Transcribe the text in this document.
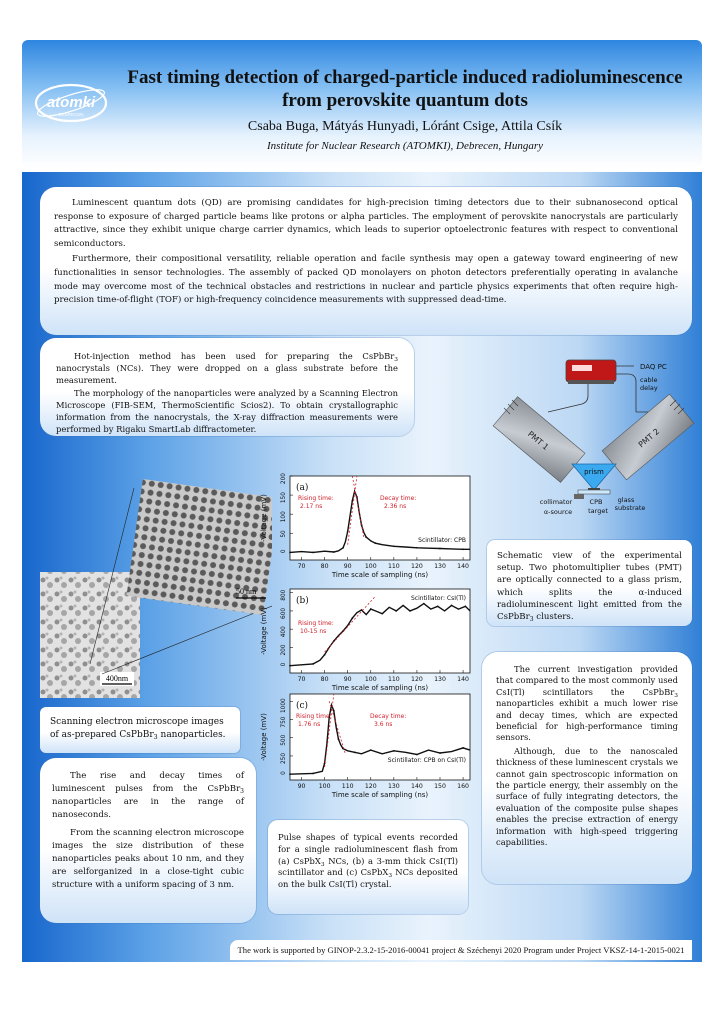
atomki
DEBRECEN
Fast timing detection of charged-particle induced radioluminescence
from perovskite quantum dots
Csaba Buga, Mátyás Hunyadi, Lóránt Csige, Attila Csík
Institute for Nuclear Research (ATOMKI), Debrecen, Hungary

Luminescent quantum dots (QD) are promising candidates for high-precision timing detectors due to their subnanosecond optical response to exposure of charged particle beams like protons or alpha particles. The employment of perovskite nanocrystals are particularly attractive, since they exhibit unique charge carrier dynamics, which leads to superior optoelectronic features with respect to conventional semiconductors.

Furthermore, their compositional versatility, reliable operation and facile synthesis may open a gateway toward engineering of new functionalities in sensor technologies. The assembly of packed QD monolayers on photon detectors preferentially operating in avalanche mode may overcome most of the technical obstacles and restrictions in nuclear and particle physics experiments that often require high-precision time-of-flight (TOF) or high-frequency coincidence measurements with suppressed dead-time.

Hot-injection method has been used for preparing the CsPbBr$_3$ nanocrystals (NCs). They were dropped on a glass substrate before the measurement.

The morphology of the nanoparticles were analyzed by a Scanning Electron Microscope (FIB-SEM, ThermoScientific Scios2). To obtain crystallographic information from the nanocrystals, the X-ray diffraction measurements were performed by Rigaku SmartLab diffractometer.

DAQ PC
cable
delay
PMT 1	PMT 2
prism
collimator
α-source
CPB
target
glass
substrate

Schematic view of the experimental setup. Two photomultiplier tubes (PMT) are optically connected to a glass prism, which splits the α-induced radioluminescent light emitted from the CsPbBr$_3$ clusters.

400nm
50 nm
Scanning electron microscope images of as-prepared CsPbBr$_3$ nanoparticles.
70 80 90 100 110 120 130 140
0
50
100
150
200
Time scale of sampling (ns)
-Voltage (mV)
(a)
Scintillator: CPB
Rising time:
2.17 ns
Decay time:
2.36 ns
70 80 90 100 110 120 130 140
0
200
400
600
800
Time scale of sampling (ns)
-Voltage (mV)
(b)	Scintillator: CsI(Tl)
Rising time:
10-15 ns
90 100 110 120 130 140 150 160
0
250
500
750
1000
Time scale of sampling (ns)
-Voltage (mV)
(c)
Scintillator: CPB on CsI(Tl)
Rising time:
1.76 ns
Decay time:
3.6 ns

The rise and decay times of luminescent pulses from the CsPbBr$_3$ nanoparticles are in the range of nanoseconds.

From the scanning electron microscope images the size distribution of these nanoparticles peaks about 10 nm, and they are selforganized in a close-tight cubic structure with a uniform spacing of 3 nm.

Pulse shapes of typical events recorded for a single radioluminescent flash from (a) CsPbX$_3$ NCs, (b) a 3-mm thick CsI(Tl) scintillator and (c) CsPbX$_3$ NCs deposited on the bulk CsI(Tl) crystal.

The current investigation provided that compared to the most commonly used CsI(Tl) scintillators the CsPbBr$_3$ nanoparticles exhibit a much lower rise and decay times, which are expected beneficial for high-performance timing sensors.

Although, due to the nanoscaled thickness of these luminescent crystals we cannot gain spectroscopic information on the particle energy, their assembly on the surface of fully integrating detectors, the evaluation of the composite pulse shapes enables the precise extraction of energy information with high-speed triggering capabilities.

The work is supported by GINOP-2.3.2-15-2016-00041 project & Széchenyi 2020 Program under Project VKSZ-14-1-2015-0021
